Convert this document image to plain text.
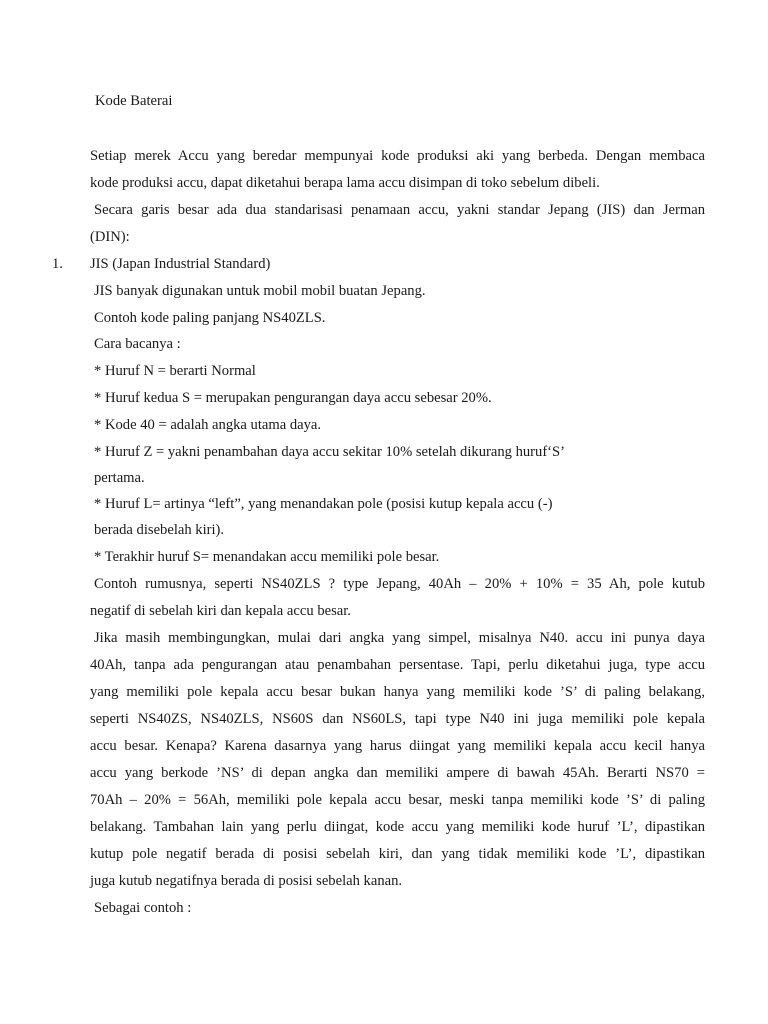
Kode Baterai
Setiap merek Accu yang beredar mempunyai kode produksi aki yang berbeda. Dengan membaca
kode produksi accu, dapat diketahui berapa lama accu disimpan di toko sebelum dibeli.
Secara garis besar ada dua standarisasi penamaan accu, yakni standar Jepang (JIS) dan Jerman
(DIN):
1. JIS (Japan Industrial Standard)
JIS banyak digunakan untuk mobil mobil buatan Jepang.
Contoh kode paling panjang NS40ZLS.
Cara bacanya :
* Huruf N = berarti Normal
* Huruf kedua S = merupakan pengurangan daya accu sebesar 20%.
* Kode 40 = adalah angka utama daya.
* Huruf Z = yakni penambahan daya accu sekitar 10% setelah dikurang huruf‘S’
pertama.
* Huruf L= artinya “left”, yang menandakan pole (posisi kutup kepala accu (-)
berada disebelah kiri).
* Terakhir huruf S= menandakan accu memiliki pole besar.
Contoh rumusnya, seperti NS40ZLS ? type Jepang, 40Ah – 20% + 10% = 35 Ah, pole kutub
negatif di sebelah kiri dan kepala accu besar.
Jika masih membingungkan, mulai dari angka yang simpel, misalnya N40. accu ini punya daya
40Ah, tanpa ada pengurangan atau penambahan persentase. Tapi, perlu diketahui juga, type accu
yang memiliki pole kepala accu besar bukan hanya yang memiliki kode ’S’ di paling belakang,
seperti NS40ZS, NS40ZLS, NS60S dan NS60LS, tapi type N40 ini juga memiliki pole kepala
accu besar. Kenapa? Karena dasarnya yang harus diingat yang memiliki kepala accu kecil hanya
accu yang berkode ’NS’ di depan angka dan memiliki ampere di bawah 45Ah. Berarti NS70 =
70Ah – 20% = 56Ah, memiliki pole kepala accu besar, meski tanpa memiliki kode ’S’ di paling
belakang. Tambahan lain yang perlu diingat, kode accu yang memiliki kode huruf ’L’, dipastikan
kutup pole negatif berada di posisi sebelah kiri, dan yang tidak memiliki kode ’L’, dipastikan
juga kutub negatifnya berada di posisi sebelah kanan.
Sebagai contoh :
